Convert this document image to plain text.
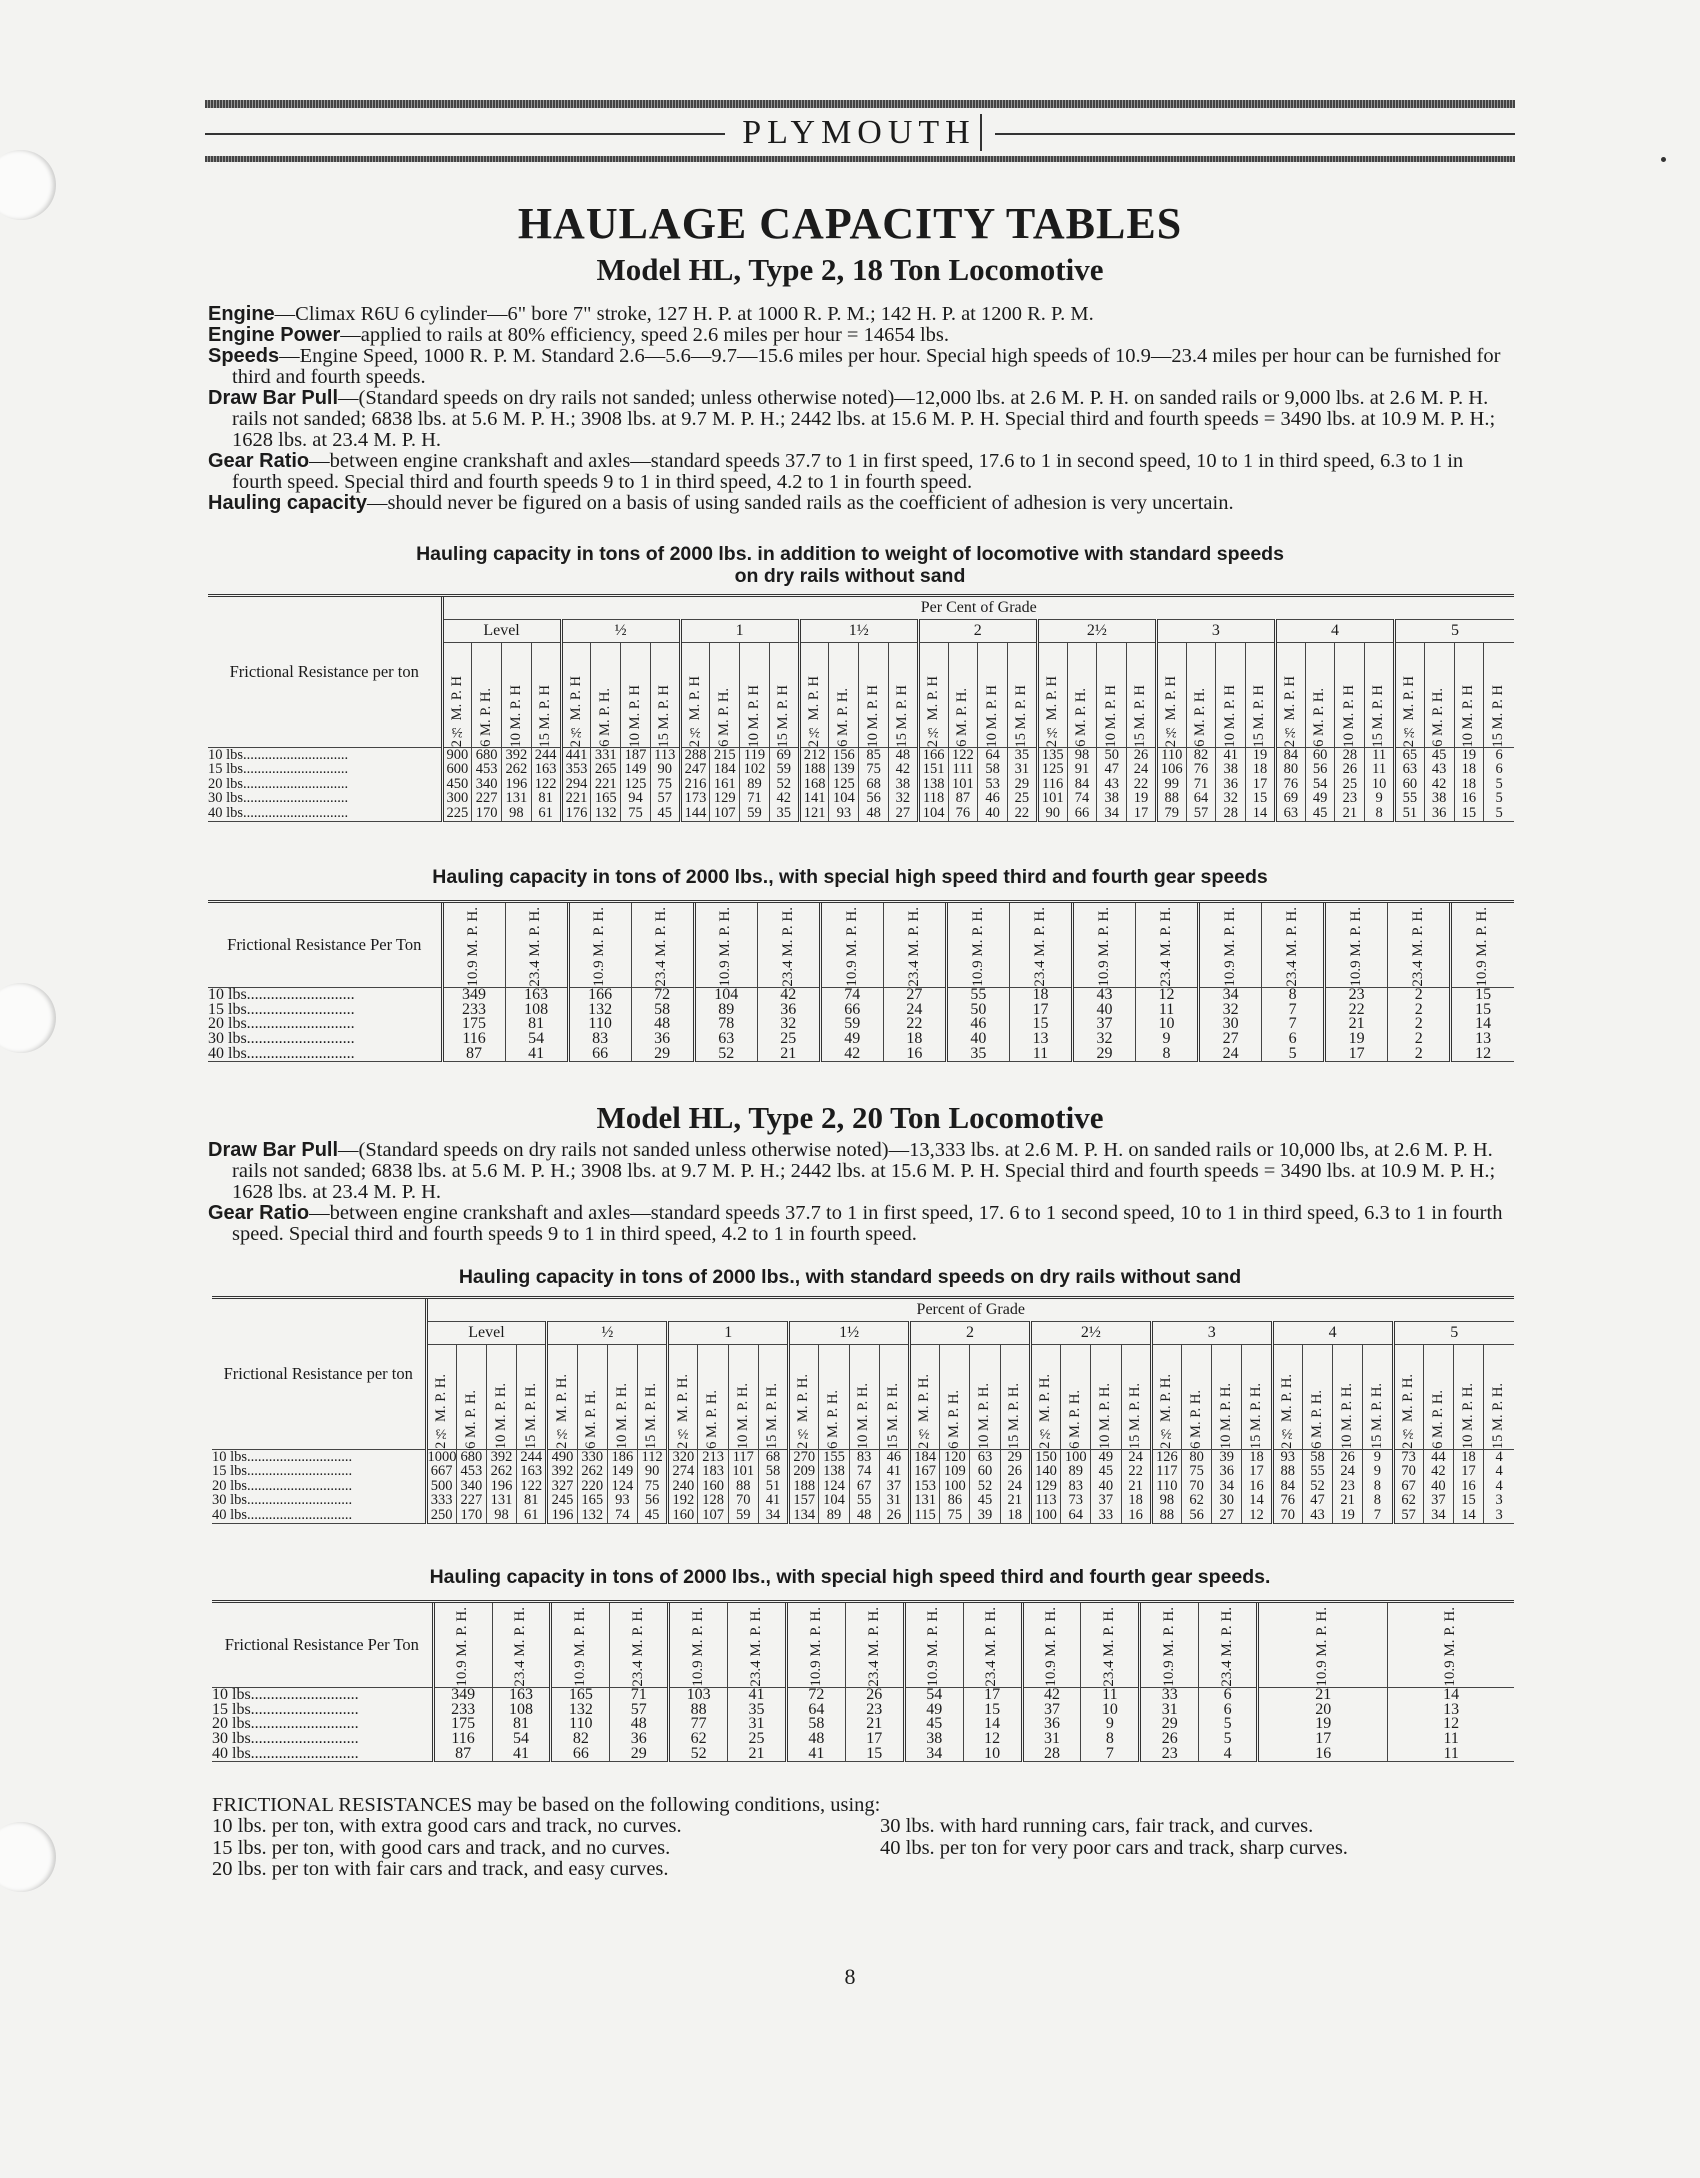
PLYMOUTH
HAULAGE CAPACITY TABLES
Model HL, Type 2, 18 Ton Locomotive

Engine—Climax R6U 6 cylinder—6" bore 7" stroke, 127 H. P. at 1000 R. P. M.; 142 H. P. at 1200 R. P. M.

Engine Power—applied to rails at 80% efficiency, speed 2.6 miles per hour = 14654 lbs.

Speeds—Engine Speed, 1000 R. P. M. Standard 2.6—5.6—9.7—15.6 miles per hour. Special high speeds of 10.9—23.4 miles per hour can be furnished for third and fourth speeds.

Draw Bar Pull—(Standard speeds on dry rails not sanded; unless otherwise noted)—12,000 lbs. at 2.6 M. P. H. on sanded rails or 9,000 lbs. at 2.6 M. P. H. rails not sanded; 6838 lbs. at 5.6 M. P. H.; 3908 lbs. at 9.7 M. P. H.; 2442 lbs. at 15.6 M. P. H. Special third and fourth speeds = 3490 lbs. at 10.9 M. P. H.; 1628 lbs. at 23.4 M. P. H.

Gear Ratio—between engine crankshaft and axles—standard speeds 37.7 to 1 in first speed, 17.6 to 1 in second speed, 10 to 1 in third speed, 6.3 to 1 in fourth speed. Special third and fourth speeds 9 to 1 in third speed, 4.2 to 1 in fourth speed.

Hauling capacity—should never be figured on a basis of using sanded rails as the coefficient of adhesion is very uncertain.

Hauling capacity in tons of 2000 lbs. in addition to weight of locomotive with standard speeds
on dry rails without sand
Frictional Resistance per ton	Per Cent of Grade																																			
	Level				½				1				1½				2				2½				3				4				5			

	2⅔ M. P. H	6 M. P. H.	10 M. P. H	15 M. P. H	2⅔ M. P. H	6 M. P. H.	10 M. P. H	15 M. P. H	2⅔ M. P. H	6 M. P. H.	10 M. P. H	15 M. P. H	2⅔ M. P. H	6 M. P. H.	10 M. P. H	15 M. P. H	2⅔ M. P. H	6 M. P. H.	10 M. P. H	15 M. P. H	2⅔ M. P. H	6 M. P. H.	10 M. P. H	15 M. P. H	2⅔ M. P. H	6 M. P. H.	10 M. P. H	15 M. P. H	2⅔ M. P. H	6 M. P. H.	10 M. P. H	15 M. P. H	2⅔ M. P. H	6 M. P. H.	10 M. P. H	15 M. P. H

10 lbs.............................	900	680	392	244	441	331	187	113	288	215	119	69	212	156	85	48	166	122	64	35	135	98	50	26	110	82	41	19	84	60	28	11	65	45	19	6
15 lbs.............................	600	453	262	163	353	265	149	90	247	184	102	59	188	139	75	42	151	111	58	31	125	91	47	24	106	76	38	18	80	56	26	11	63	43	18	6
20 lbs.............................	450	340	196	122	294	221	125	75	216	161	89	52	168	125	68	38	138	101	53	29	116	84	43	22	99	71	36	17	76	54	25	10	60	42	18	5
30 lbs.............................	300	227	131	81	221	165	94	57	173	129	71	42	141	104	56	32	118	87	46	25	101	74	38	19	88	64	32	15	69	49	23	9	55	38	16	5
40 lbs.............................	225	170	98	61	176	132	75	45	144	107	59	35	121	93	48	27	104	76	40	22	90	66	34	17	79	57	28	14	63	45	21	8	51	36	15	5
Hauling capacity in tons of 2000 lbs., with special high speed third and fourth gear speeds
Frictional Resistance Per Ton	10.9 M. P. H.	23.4 M. P. H.	10.9 M. P. H.	23.4 M. P. H.	10.9 M. P. H.	23.4 M. P. H.	10.9 M. P. H.	23.4 M. P. H.	10.9 M. P. H.	23.4 M. P. H.	10.9 M. P. H.	23.4 M. P. H.	10.9 M. P. H.	23.4 M. P. H.	10.9 M. P. H.	23.4 M. P. H.	10.9 M. P. H.

10 lbs...........................	349	163	166	72	104	42	74	27	55	18	43	12	34	8	23	2	15
15 lbs...........................	233	108	132	58	89	36	66	24	50	17	40	11	32	7	22	2	15
20 lbs...........................	175	81	110	48	78	32	59	22	46	15	37	10	30	7	21	2	14
30 lbs...........................	116	54	83	36	63	25	49	18	40	13	32	9	27	6	19	2	13
40 lbs...........................	87	41	66	29	52	21	42	16	35	11	29	8	24	5	17	2	12
Model HL, Type 2, 20 Ton Locomotive

Draw Bar Pull—(Standard speeds on dry rails not sanded unless otherwise noted)—13,333 lbs. at 2.6 M. P. H. on sanded rails or 10,000 lbs, at 2.6 M. P. H. rails not sanded; 6838 lbs. at 5.6 M. P. H.; 3908 lbs. at 9.7 M. P. H.; 2442 lbs. at 15.6 M. P. H. Special third and fourth speeds = 3490 lbs. at 10.9 M. P. H.; 1628 lbs. at 23.4 M. P. H.

Gear Ratio—between engine crankshaft and axles—standard speeds 37.7 to 1 in first speed, 17. 6 to 1 second speed, 10 to 1 in third speed, 6.3 to 1 in fourth speed. Special third and fourth speeds 9 to 1 in third speed, 4.2 to 1 in fourth speed.

Hauling capacity in tons of 2000 lbs., with standard speeds on dry rails without sand
Frictional Resistance per ton	Percent of Grade																																			
	Level				½				1				1½				2				2½				3				4				5			

	2⅔ M. P. H.	6 M. P. H.	10 M. P. H.	15 M. P. H.	2⅔ M. P. H.	6 M. P. H.	10 M. P. H.	15 M. P. H.	2⅔ M. P. H.	6 M. P. H.	10 M. P. H.	15 M. P. H.	2⅔ M. P. H.	6 M. P. H.	10 M. P. H.	15 M. P. H.	2⅔ M. P. H.	6 M. P. H.	10 M. P. H.	15 M. P. H.	2⅔ M. P. H.	6 M. P. H.	10 M. P. H.	15 M. P. H.	2⅔ M. P. H.	6 M. P. H.	10 M. P. H.	15 M. P. H.	2⅔ M. P. H.	6 M. P. H.	10 M. P. H.	15 M. P. H.	2⅔ M. P. H.	6 M. P. H.	10 M. P. H.	15 M. P. H.

10 lbs.............................	1000	680	392	244	490	330	186	112	320	213	117	68	270	155	83	46	184	120	63	29	150	100	49	24	126	80	39	18	93	58	26	9	73	44	18	4
15 lbs.............................	667	453	262	163	392	262	149	90	274	183	101	58	209	138	74	41	167	109	60	26	140	89	45	22	117	75	36	17	88	55	24	9	70	42	17	4
20 lbs.............................	500	340	196	122	327	220	124	75	240	160	88	51	188	124	67	37	153	100	52	24	129	83	40	21	110	70	34	16	84	52	23	8	67	40	16	4
30 lbs.............................	333	227	131	81	245	165	93	56	192	128	70	41	157	104	55	31	131	86	45	21	113	73	37	18	98	62	30	14	76	47	21	8	62	37	15	3
40 lbs.............................	250	170	98	61	196	132	74	45	160	107	59	34	134	89	48	26	115	75	39	18	100	64	33	16	88	56	27	12	70	43	19	7	57	34	14	3
Hauling capacity in tons of 2000 lbs., with special high speed third and fourth gear speeds.
Frictional Resistance Per Ton	10.9 M. P. H.	23.4 M. P. H.	10.9 M. P. H.	23.4 M. P. H.	10.9 M. P. H.	23.4 M. P. H.	10.9 M. P. H.	23.4 M. P. H.	10.9 M. P. H.	23.4 M. P. H.	10.9 M. P. H.	23.4 M. P. H.	10.9 M. P. H.	23.4 M. P. H.	10.9 M. P. H.	10.9 M. P. H.

10 lbs...........................	349	163	165	71	103	41	72	26	54	17	42	11	33	6	21	14
15 lbs...........................	233	108	132	57	88	35	64	23	49	15	37	10	31	6	20	13
20 lbs...........................	175	81	110	48	77	31	58	21	45	14	36	9	29	5	19	12
30 lbs...........................	116	54	82	36	62	25	48	17	38	12	31	8	26	5	17	11
40 lbs...........................	87	41	66	29	52	21	41	15	34	10	28	7	23	4	16	11
FRICTIONAL RESISTANCES may be based on the following conditions, using:
10 lbs. per ton, with extra good cars and track, no curves.
15 lbs. per ton, with good cars and track, and no curves.
20 lbs. per ton with fair cars and track, and easy curves.
30 lbs. with hard running cars, fair track, and curves.
40 lbs. per ton for very poor cars and track, sharp curves.
8
